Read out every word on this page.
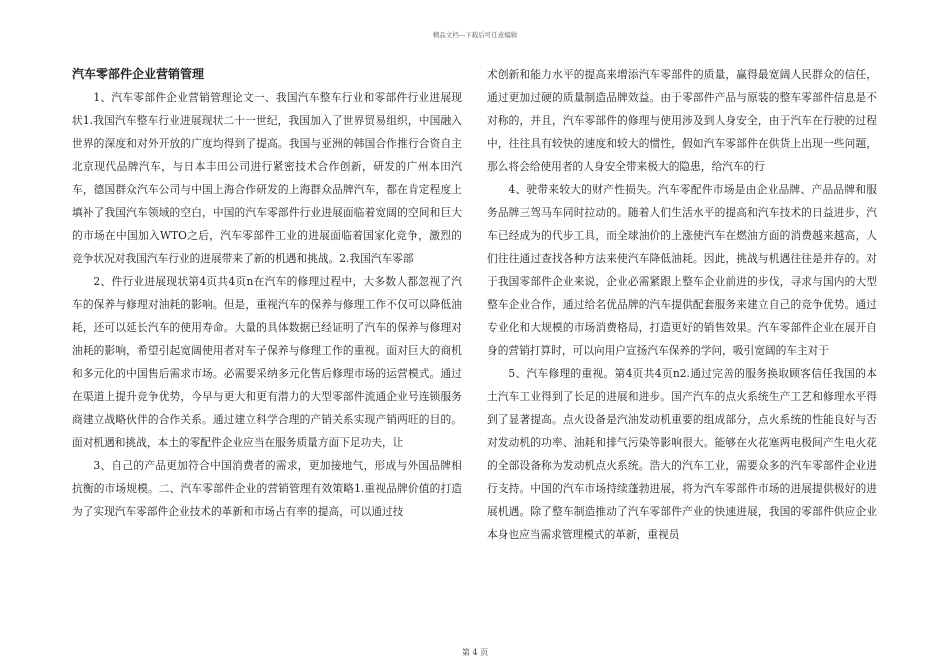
精品文档---下载后可任意编辑
汽车零部件企业营销管理

1、汽车零部件企业营销管理论文一、我国汽车整车行业和零部件行业进展现状1.我国汽车整车行业进展现状二十一世纪，我国加入了世界贸易组织，中国融入世界的深度和对外开放的广度均得到了提高。我国与亚洲的韩国合作推行合资自主北京现代品牌汽车，与日本丰田公司进行紧密技术合作创新，研发的广州本田汽车，德国群众汽车公司与中国上海合作研发的上海群众品牌汽车，都在肯定程度上填补了我国汽车领域的空白，中国的汽车零部件行业进展面临着宽阔的空间和巨大的市场在中国加入WTO之后，汽车零部件工业的进展面临着国家化竞争，激烈的竞争状况对我国汽车行业的进展带来了新的机遇和挑战。2.我国汽车零部

2、件行业进展现状第4页共4页n在汽车的修理过程中，大多数人都忽视了汽车的保养与修理对油耗的影响。但是，重视汽车的保养与修理工作不仅可以降低油耗，还可以延长汽车的使用寿命。大量的具体数据已经证明了汽车的保养与修理对油耗的影响，希望引起宽阔使用者对车子保养与修理工作的重视。面对巨大的商机和多元化的中国售后需求市场。必需要采纳多元化售后修理市场的运营模式。通过在渠道上提升竞争优势，今早与更大和更有潜力的大型零部件流通企业号连锁服务商建立战略伙伴的合作关系。通过建立科学合理的产销关系实现产销两旺的目的。面对机遇和挑战，本土的零配件企业应当在服务质量方面下足功夫，让

3、自己的产品更加符合中国消费者的需求，更加接地气，形成与外国品牌相抗衡的市场规模。二、汽车零部件企业的营销管理有效策略1.重视品牌价值的打造为了实现汽车零部件企业技术的革新和市场占有率的提高，可以通过技

术创新和能力水平的提高来增添汽车零部件的质量，赢得最宽阔人民群众的信任，通过更加过硬的质量制造品牌效益。由于零部件产品与原装的整车零部件信息是不对称的，并且，汽车零部件的修理与使用涉及到人身安全，由于汽车在行驶的过程中，往往具有较快的速度和较大的惯性，假如汽车零部件在供货上出现一些问题，那么将会给使用者的人身安全带来极大的隐患，给汽车的行

4、驶带来较大的财产性损失。汽车零配件市场是由企业品牌、产品品牌和服务品牌三驾马车同时拉动的。随着人们生活水平的提高和汽车技术的日益进步，汽车已经成为的代步工具，而全球油价的上涨使汽车在燃油方面的消费越来越高，人们往往通过查找各种方法来使汽车降低油耗。因此，挑战与机遇往往是并存的。对于我国零部件企业来说，企业必需紧跟上整车企业前进的步伐，寻求与国内的大型整车企业合作，通过给名优品牌的汽车提供配套服务来建立自己的竞争优势。通过专业化和大规模的市场消费格局，打造更好的销售效果。汽车零部件企业在展开自身的营销打算时，可以向用户宣扬汽车保养的学问，吸引宽阔的车主对于

5、汽车修理的重视。第4页共4页n2.通过完善的服务换取顾客信任我国的本土汽车工业得到了长足的进展和进步。国产汽车的点火系统生产工艺和修理水平得到了显著提高。点火设备是汽油发动机重要的组成部分，点火系统的性能良好与否对发动机的功率、油耗和排气污染等影响很大。能够在火花塞两电极间产生电火花的全部设备称为发动机点火系统。浩大的汽车工业，需要众多的汽车零部件企业进行支持。中国的汽车市场持续蓬勃进展，将为汽车零部件市场的进展提供极好的进展机遇。除了整车制造推动了汽车零部件产业的快速进展，我国的零部件供应企业本身也应当需求管理模式的革新，重视员

第 4 页
